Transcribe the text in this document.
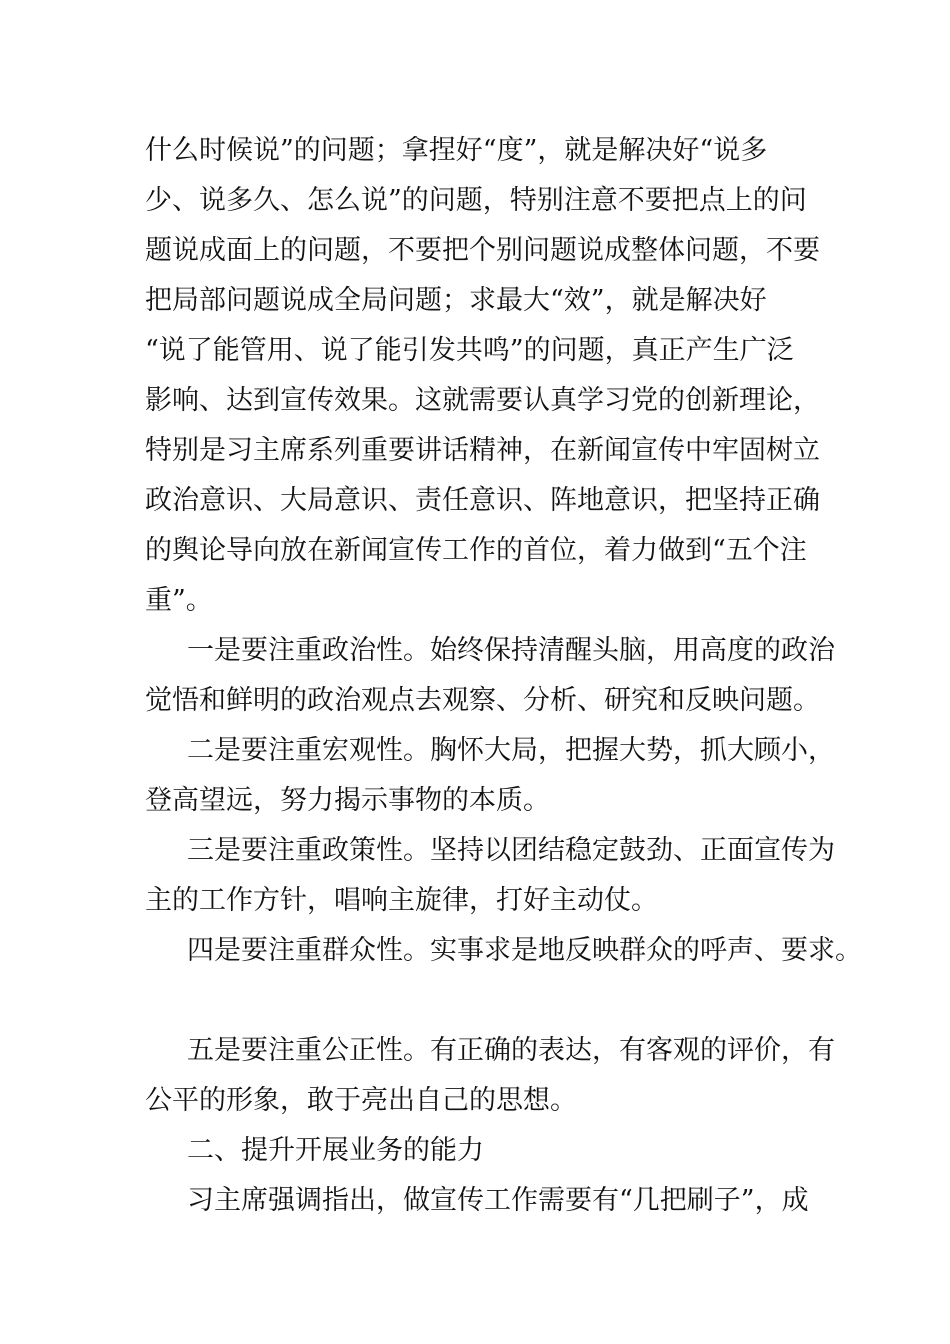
什么时候说”的问题；拿捏好“度”，就是解决好“说多
少、说多久、怎么说”的问题，特别注意不要把点上的问
题说成面上的问题，不要把个别问题说成整体问题，不要
把局部问题说成全局问题；求最大“效”，就是解决好
“说了能管用、说了能引发共鸣”的问题，真正产生广泛
影响、达到宣传效果。这就需要认真学习党的创新理论，
特别是习主席系列重要讲话精神，在新闻宣传中牢固树立
政治意识、大局意识、责任意识、阵地意识，把坚持正确
的舆论导向放在新闻宣传工作的首位，着力做到“五个注
重”。
一是要注重政治性。始终保持清醒头脑，用高度的政治
觉悟和鲜明的政治观点去观察、分析、研究和反映问题。
二是要注重宏观性。胸怀大局，把握大势，抓大顾小，
登高望远，努力揭示事物的本质。
三是要注重政策性。坚持以团结稳定鼓劲、正面宣传为
主的工作方针，唱响主旋律，打好主动仗。
四是要注重群众性。实事求是地反映群众的呼声、要求。
五是要注重公正性。有正确的表达，有客观的评价，有
公平的形象，敢于亮出自己的思想。
二、提升开展业务的能力
习主席强调指出，做宣传工作需要有“几把刷子”，成
